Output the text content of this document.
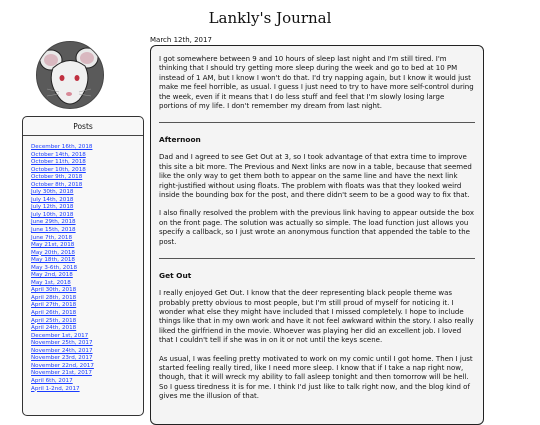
Lankly's Journal
Posts
December 16th, 2018
October 14th, 2018
October 11th, 2018
October 10th, 2018
October 9th, 2018
October 8th, 2018
July 30th, 2018
July 14th, 2018
July 12th, 2018
July 10th, 2018
June 29th, 2018
June 15th, 2018
June 7th, 2018
May 21st, 2018
May 20th, 2018
May 18th, 2018
May 3-6th, 2018
May 2nd, 2018
May 1st, 2018
April 30th, 2018
April 28th, 2018
April 27th, 2018
April 26th, 2018
April 25th, 2018
April 24th, 2018
December 1st, 2017
November 25th, 2017
November 24th, 2017
November 23rd, 2017
November 22nd, 2017
November 21st, 2017
April 6th, 2017
April 1-2nd, 2017
March 12th, 2017

I got somewhere between 9 and 10 hours of sleep last night and I'm still tired. I'm thinking that I should try getting more sleep during the week and go to bed at 10 PM instead of 1 AM, but I know I won't do that. I'd try napping again, but I know it would just make me feel horrible, as usual. I guess I just need to try to have more self-control during the week, even if it means that I do less stuff and feel that I'm slowly losing large portions of my life. I don't remember my dream from last night.

Afternoon

Dad and I agreed to see Get Out at 3, so I took advantage of that extra time to improve this site a bit more. The Previous and Next links are now in a table, because that seemed like the only way to get them both to appear on the same line and have the next link right-justified without using floats. The problem with floats was that they looked weird inside the bounding box for the post, and there didn't seem to be a good way to fix that.

I also finally resolved the problem with the previous link having to appear outside the box on the front page. The solution was actually so simple. The load function just allows you specify a callback, so I just wrote an anonymous function that appended the table to the post.

Get Out

I really enjoyed Get Out. I know that the deer representing black people theme was probably pretty obvious to most people, but I'm still proud of myself for noticing it. I wonder what else they might have included that I missed completely. I hope to include things like that in my own work and have it not feel awkward within the story. I also really liked the girlfriend in the movie. Whoever was playing her did an excellent job. I loved that I couldn't tell if she was in on it or not until the keys scene.

As usual, I was feeling pretty motivated to work on my comic until I got home. Then I just started feeling really tired, like I need more sleep. I know that if I take a nap right now, though, that it will wreck my ability to fall asleep tonight and then tomorrow will be hell. So I guess tiredness it is for me. I think I'd just like to talk right now, and the blog kind of gives me the illusion of that.
